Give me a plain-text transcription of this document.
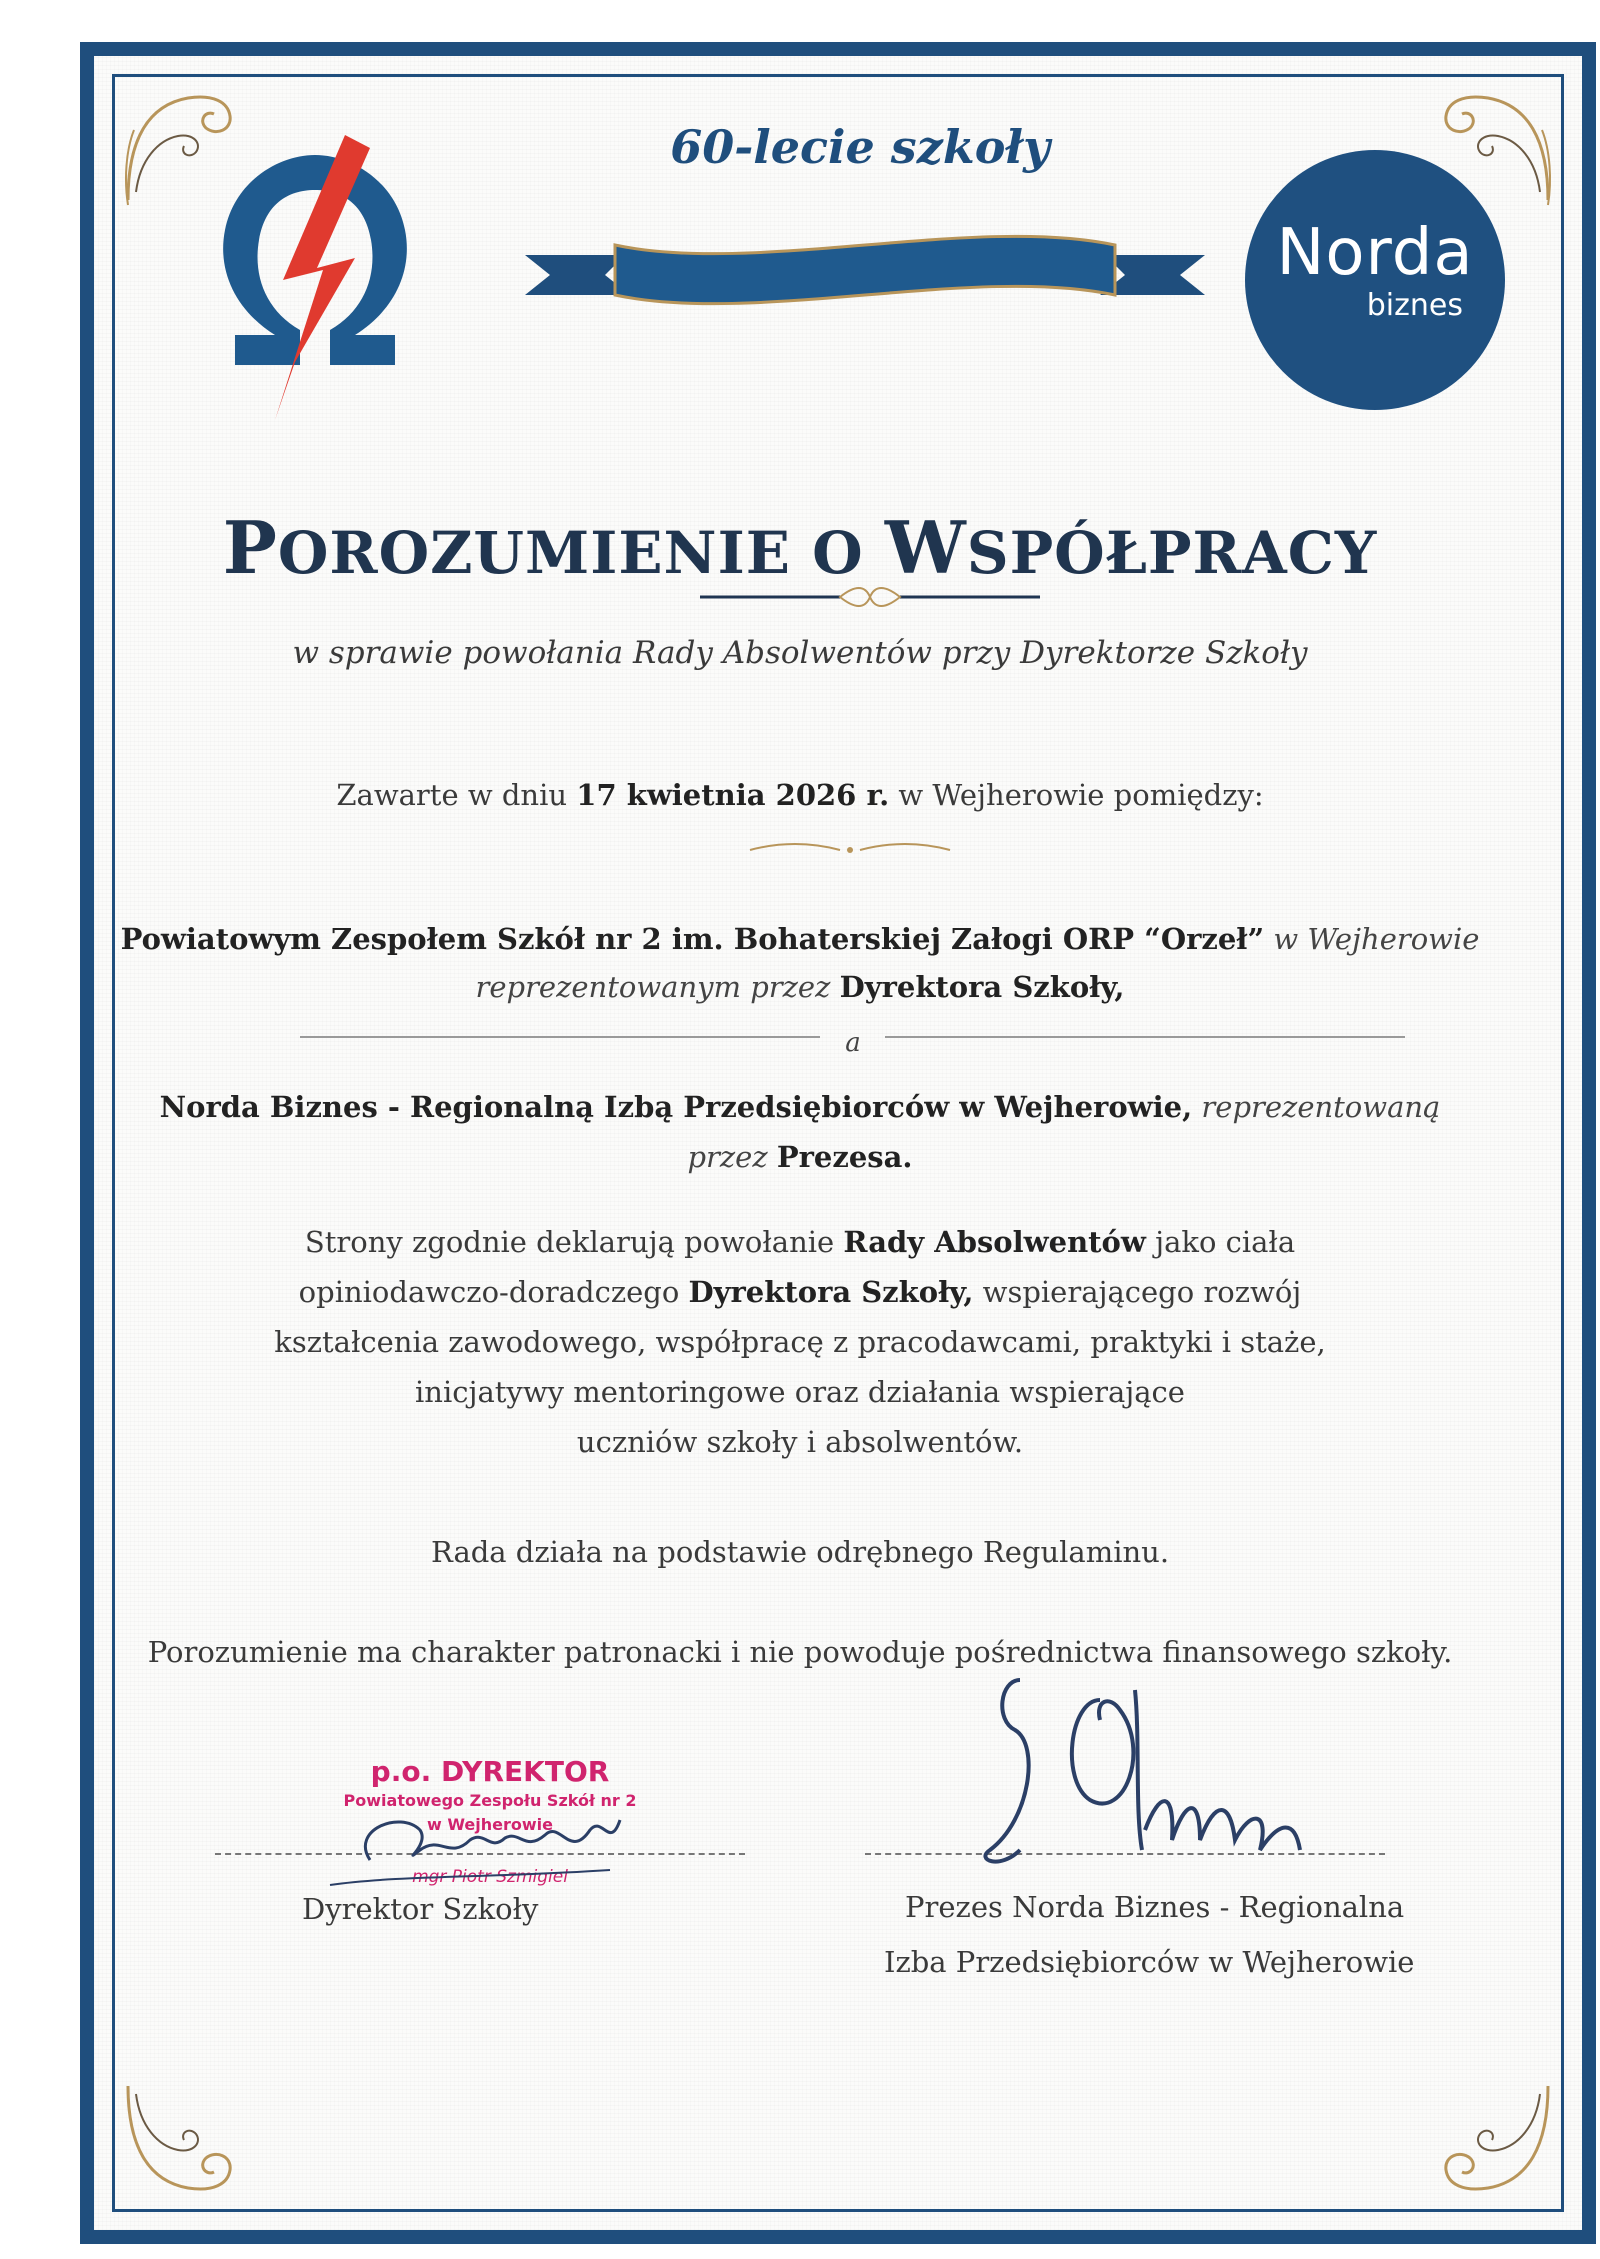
60-lecie szkoły
Norda
biznes
POROZUMIENIE O WSPÓŁPRACY
w sprawie powołania Rady Absolwentów przy Dyrektorze Szkoły
Zawarte w dniu 17 kwietnia 2026 r. w Wejherowie pomiędzy:
Powiatowym Zespołem Szkół nr 2 im. Bohaterskiej Załogi ORP “Orzeł” w Wejherowie
reprezentowanym przez Dyrektora Szkoły,
a
Norda Biznes - Regionalną Izbą Przedsiębiorców w Wejherowie, reprezentowaną
przez Prezesa.
Strony zgodnie deklarują powołanie Rady Absolwentów jako ciała
opiniodawczo-doradczego Dyrektora Szkoły, wspierającego rozwój
kształcenia zawodowego, współpracę z pracodawcami, praktyki i staże,
inicjatywy mentoringowe oraz działania wspierające
uczniów szkoły i absolwentów.
Rada działa na podstawie odrębnego Regulaminu.
Porozumienie ma charakter patronacki i nie powoduje pośrednictwa finansowego szkoły.
p.o. DYREKTOR
Powiatowego Zespołu Szkół nr 2
w Wejherowie
mgr Piotr Szmigiel
Dyrektor Szkoły	Prezes Norda Biznes - Regionalna
Izba Przedsiębiorców w Wejherowie
